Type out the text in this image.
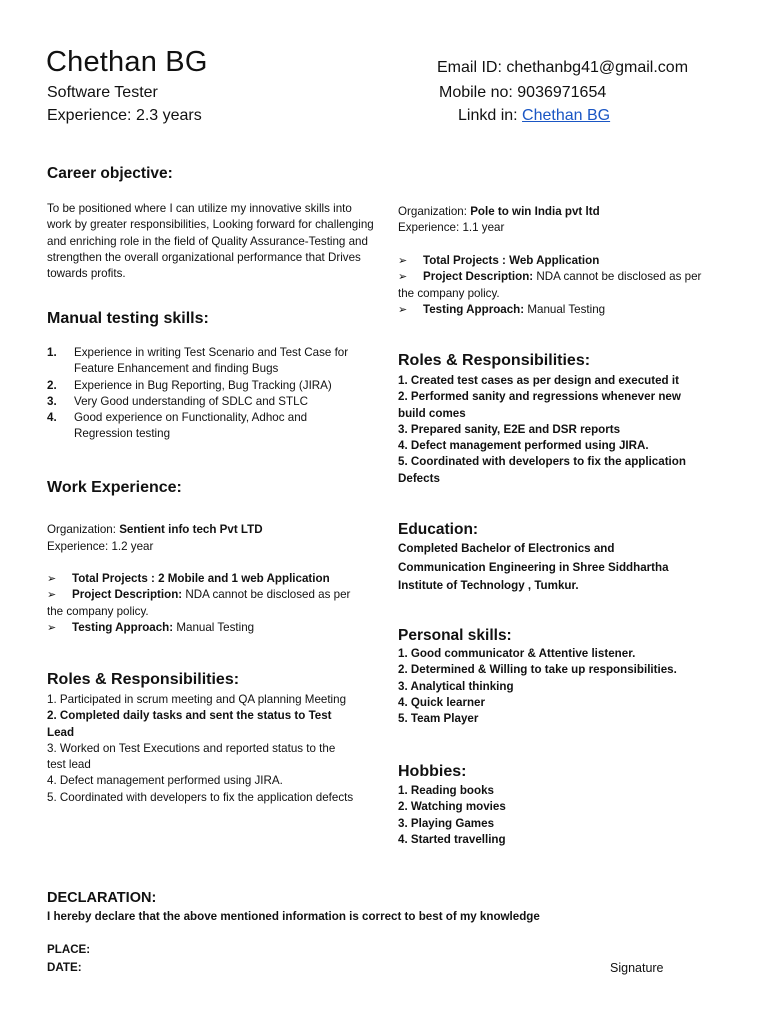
Chethan BG
Software Tester
Experience: 2.3 years
Email ID: chethanbg41@gmail.com
Mobile no: 9036971654
Linkd in: Chethan BG
Career objective:
To be positioned where I can utilize my innovative skills into work by greater responsibilities, Looking forward for challenging and enriching role in the field of Quality Assurance-Testing and strengthen the overall organizational performance that Drives towards profits.
Manual testing skills:
1. Experience in writing Test Scenario and Test Case for Feature Enhancement and finding Bugs
2. Experience in Bug Reporting, Bug Tracking (JIRA)
3. Very Good understanding of SDLC and STLC
4. Good experience on Functionality, Adhoc and Regression testing
Work Experience:
Organization: Sentient info tech Pvt LTD
Experience: 1.2 year
➢ Total Projects : 2 Mobile and 1 web Application
➢ Project Description: NDA cannot be disclosed as per the company policy.
➢ Testing Approach: Manual Testing
Roles & Responsibilities:
1. Participated in scrum meeting and QA planning Meeting
2. Completed daily tasks and sent the status to Test Lead
3. Worked on Test Executions and reported status to the test lead
4. Defect management performed using JIRA.
5. Coordinated with developers to fix the application defects
Organization: Pole to win India pvt ltd
Experience: 1.1 year
➢ Total Projects : Web Application
➢ Project Description: NDA cannot be disclosed as per the company policy.
➢ Testing Approach: Manual Testing
Roles & Responsibilities:
1. Created test cases as per design and executed it
2. Performed sanity and regressions whenever new build comes
3. Prepared sanity, E2E and DSR reports
4. Defect management performed using JIRA.
5. Coordinated with developers to fix the application Defects
Education:
Completed Bachelor of Electronics and Communication Engineering in Shree Siddhartha Institute of Technology , Tumkur.
Personal skills:
1. Good communicator & Attentive listener.
2. Determined & Willing to take up responsibilities.
3. Analytical thinking
4. Quick learner
5. Team Player
Hobbies:
1. Reading books
2. Watching movies
3. Playing Games
4. Started travelling
DECLARATION:
I hereby declare that the above mentioned information is correct to best of my knowledge
PLACE:
DATE:	Signature
